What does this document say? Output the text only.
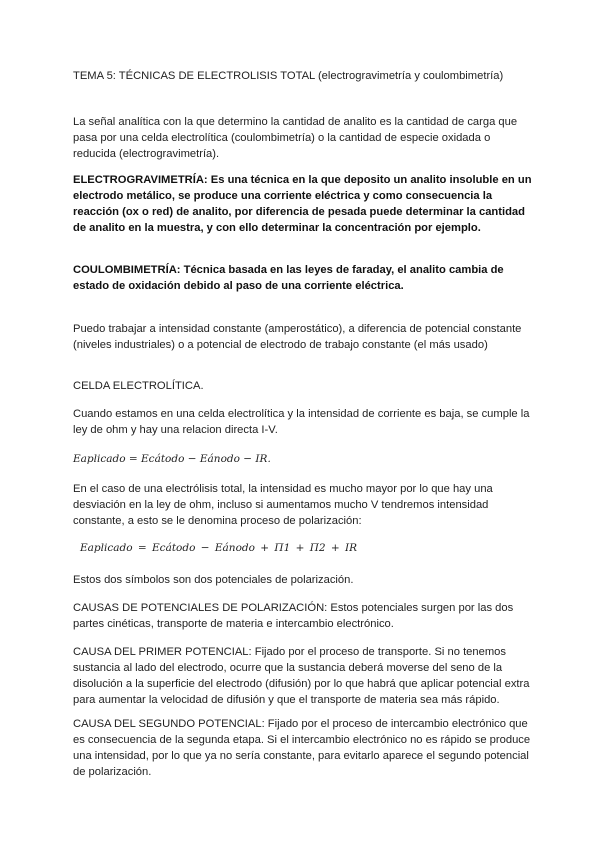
TEMA 5: TÉCNICAS DE ELECTROLISIS TOTAL (electrogravimetría y coulombimetría)

La señal analítica con la que determino la cantidad de analito es la cantidad de carga que pasa por una celda electrolítica (coulombimetría) o la cantidad de especie oxidada o reducida (electrogravimetría).

ELECTROGRAVIMETRÍA: Es una técnica en la que deposito un analito insoluble en un electrodo metálico, se produce una corriente eléctrica y como consecuencia la reacción (ox o red) de analito, por diferencia de pesada puede determinar la cantidad de analito en la muestra, y con ello determinar la concentración por ejemplo.

COULOMBIMETRÍA: Técnica basada en las leyes de faraday, el analito cambia de estado de oxidación debido al paso de una corriente eléctrica.

Puedo trabajar a intensidad constante (amperostático), a diferencia de potencial constante (niveles industriales) o a potencial de electrodo de trabajo constante (el más usado)

CELDA ELECTROLÍTICA.

Cuando estamos en una celda electrolítica y la intensidad de corriente es baja, se cumple la ley de ohm y hay una relacion directa I-V.

Eaplicado = Ecátodo − Eánodo − IR.

En el caso de una electrólisis total, la intensidad es mucho mayor por lo que hay una desviación en la ley de ohm, incluso si aumentamos mucho V tendremos intensidad constante, a esto se le denomina proceso de polarización:

Eaplicado = Ecátodo − Eánodo + Π1 + Π2 + IR

Estos dos símbolos son dos potenciales de polarización.

CAUSAS DE POTENCIALES DE POLARIZACIÓN: Estos potenciales surgen por las dos partes cinéticas, transporte de materia e intercambio electrónico.

CAUSA DEL PRIMER POTENCIAL: Fijado por el proceso de transporte. Si no tenemos sustancia al lado del electrodo, ocurre que la sustancia deberá moverse del seno de la disolución a la superficie del electrodo (difusión) por lo que habrá que aplicar potencial extra para aumentar la velocidad de difusión y que el transporte de materia sea más rápido.

CAUSA DEL SEGUNDO POTENCIAL: Fijado por el proceso de intercambio electrónico que es consecuencia de la segunda etapa. Si el intercambio electrónico no es rápido se produce una intensidad, por lo que ya no sería constante, para evitarlo aparece el segundo potencial de polarización.
